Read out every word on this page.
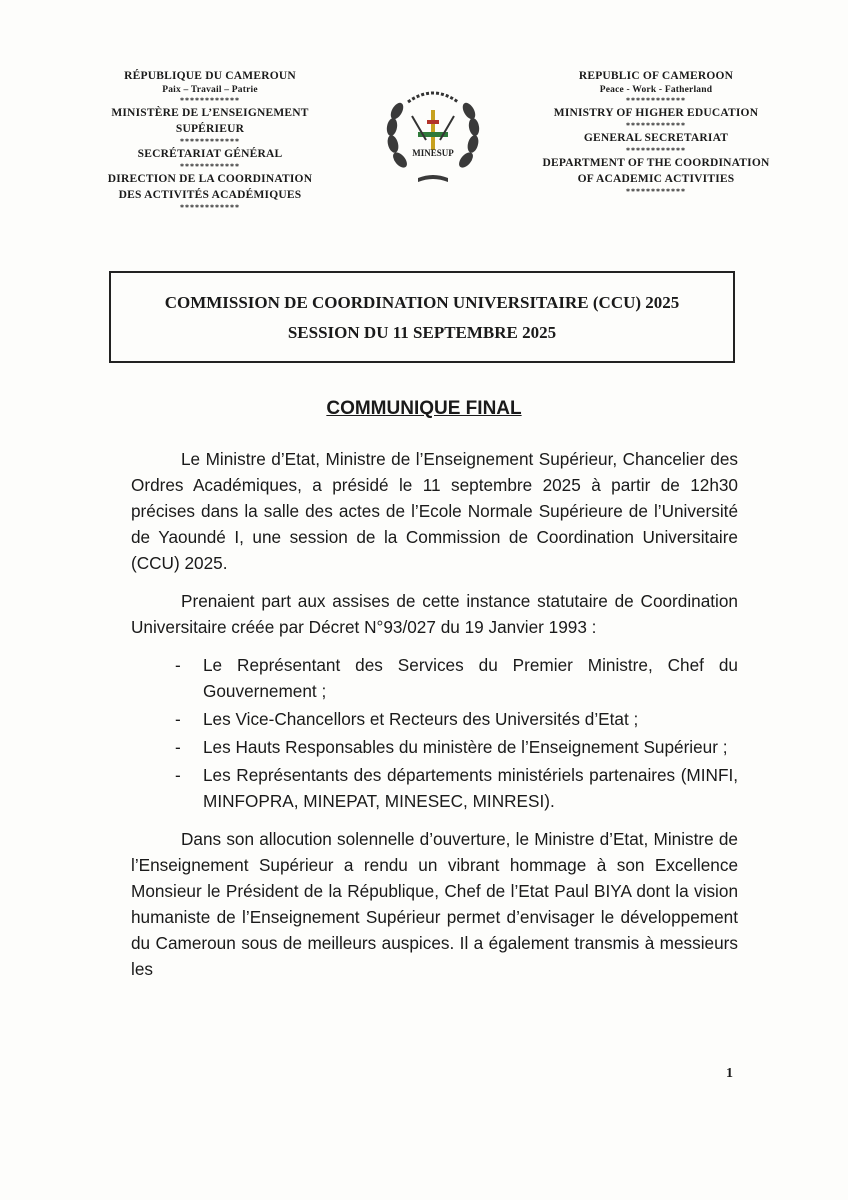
RÉPUBLIQUE DU CAMEROUN
Paix – Travail – Patrie
************
MINISTÈRE DE L’ENSEIGNEMENT
SUPÉRIEUR
************
SECRÉTARIAT GÉNÉRAL
************
DIRECTION DE LA COORDINATION
DES ACTIVITÉS ACADÉMIQUES
************
MINESUP
REPUBLIC OF CAMEROON
Peace - Work - Fatherland
************
MINISTRY OF HIGHER EDUCATION
************
GENERAL SECRETARIAT
************
DEPARTMENT OF THE COORDINATION
OF ACADEMIC ACTIVITIES
************
COMMISSION DE COORDINATION UNIVERSITAIRE (CCU) 2025
SESSION DU 11 SEPTEMBRE 2025
COMMUNIQUE FINAL

Le Ministre d’Etat, Ministre de l’Enseignement Supérieur, Chancelier des Ordres Académiques, a présidé le 11 septembre 2025 à partir de 12h30 précises dans la salle des actes de l’Ecole Normale Supérieure de l’Université de Yaoundé I, une session de la Commission de Coordination Universitaire (CCU) 2025.

Prenaient part aux assises de cette instance statutaire de Coordination Universitaire créée par Décret N°93/027 du 19 Janvier 1993 :

- Le Représentant des Services du Premier Ministre, Chef du Gouvernement ;
- Les Vice-Chancellors et Recteurs des Universités d’Etat ;
- Les Hauts Responsables du ministère de l’Enseignement Supérieur ;
- Les Représentants des départements ministériels partenaires (MINFI, MINFOPRA, MINEPAT, MINESEC, MINRESI).

Dans son allocution solennelle d’ouverture, le Ministre d’Etat, Ministre de l’Enseignement Supérieur a rendu un vibrant hommage à son Excellence Monsieur le Président de la République, Chef de l’Etat Paul BIYA dont la vision humaniste de l’Enseignement Supérieur permet d’envisager le développement du Cameroun sous de meilleurs auspices. Il a également transmis à messieurs les

1
